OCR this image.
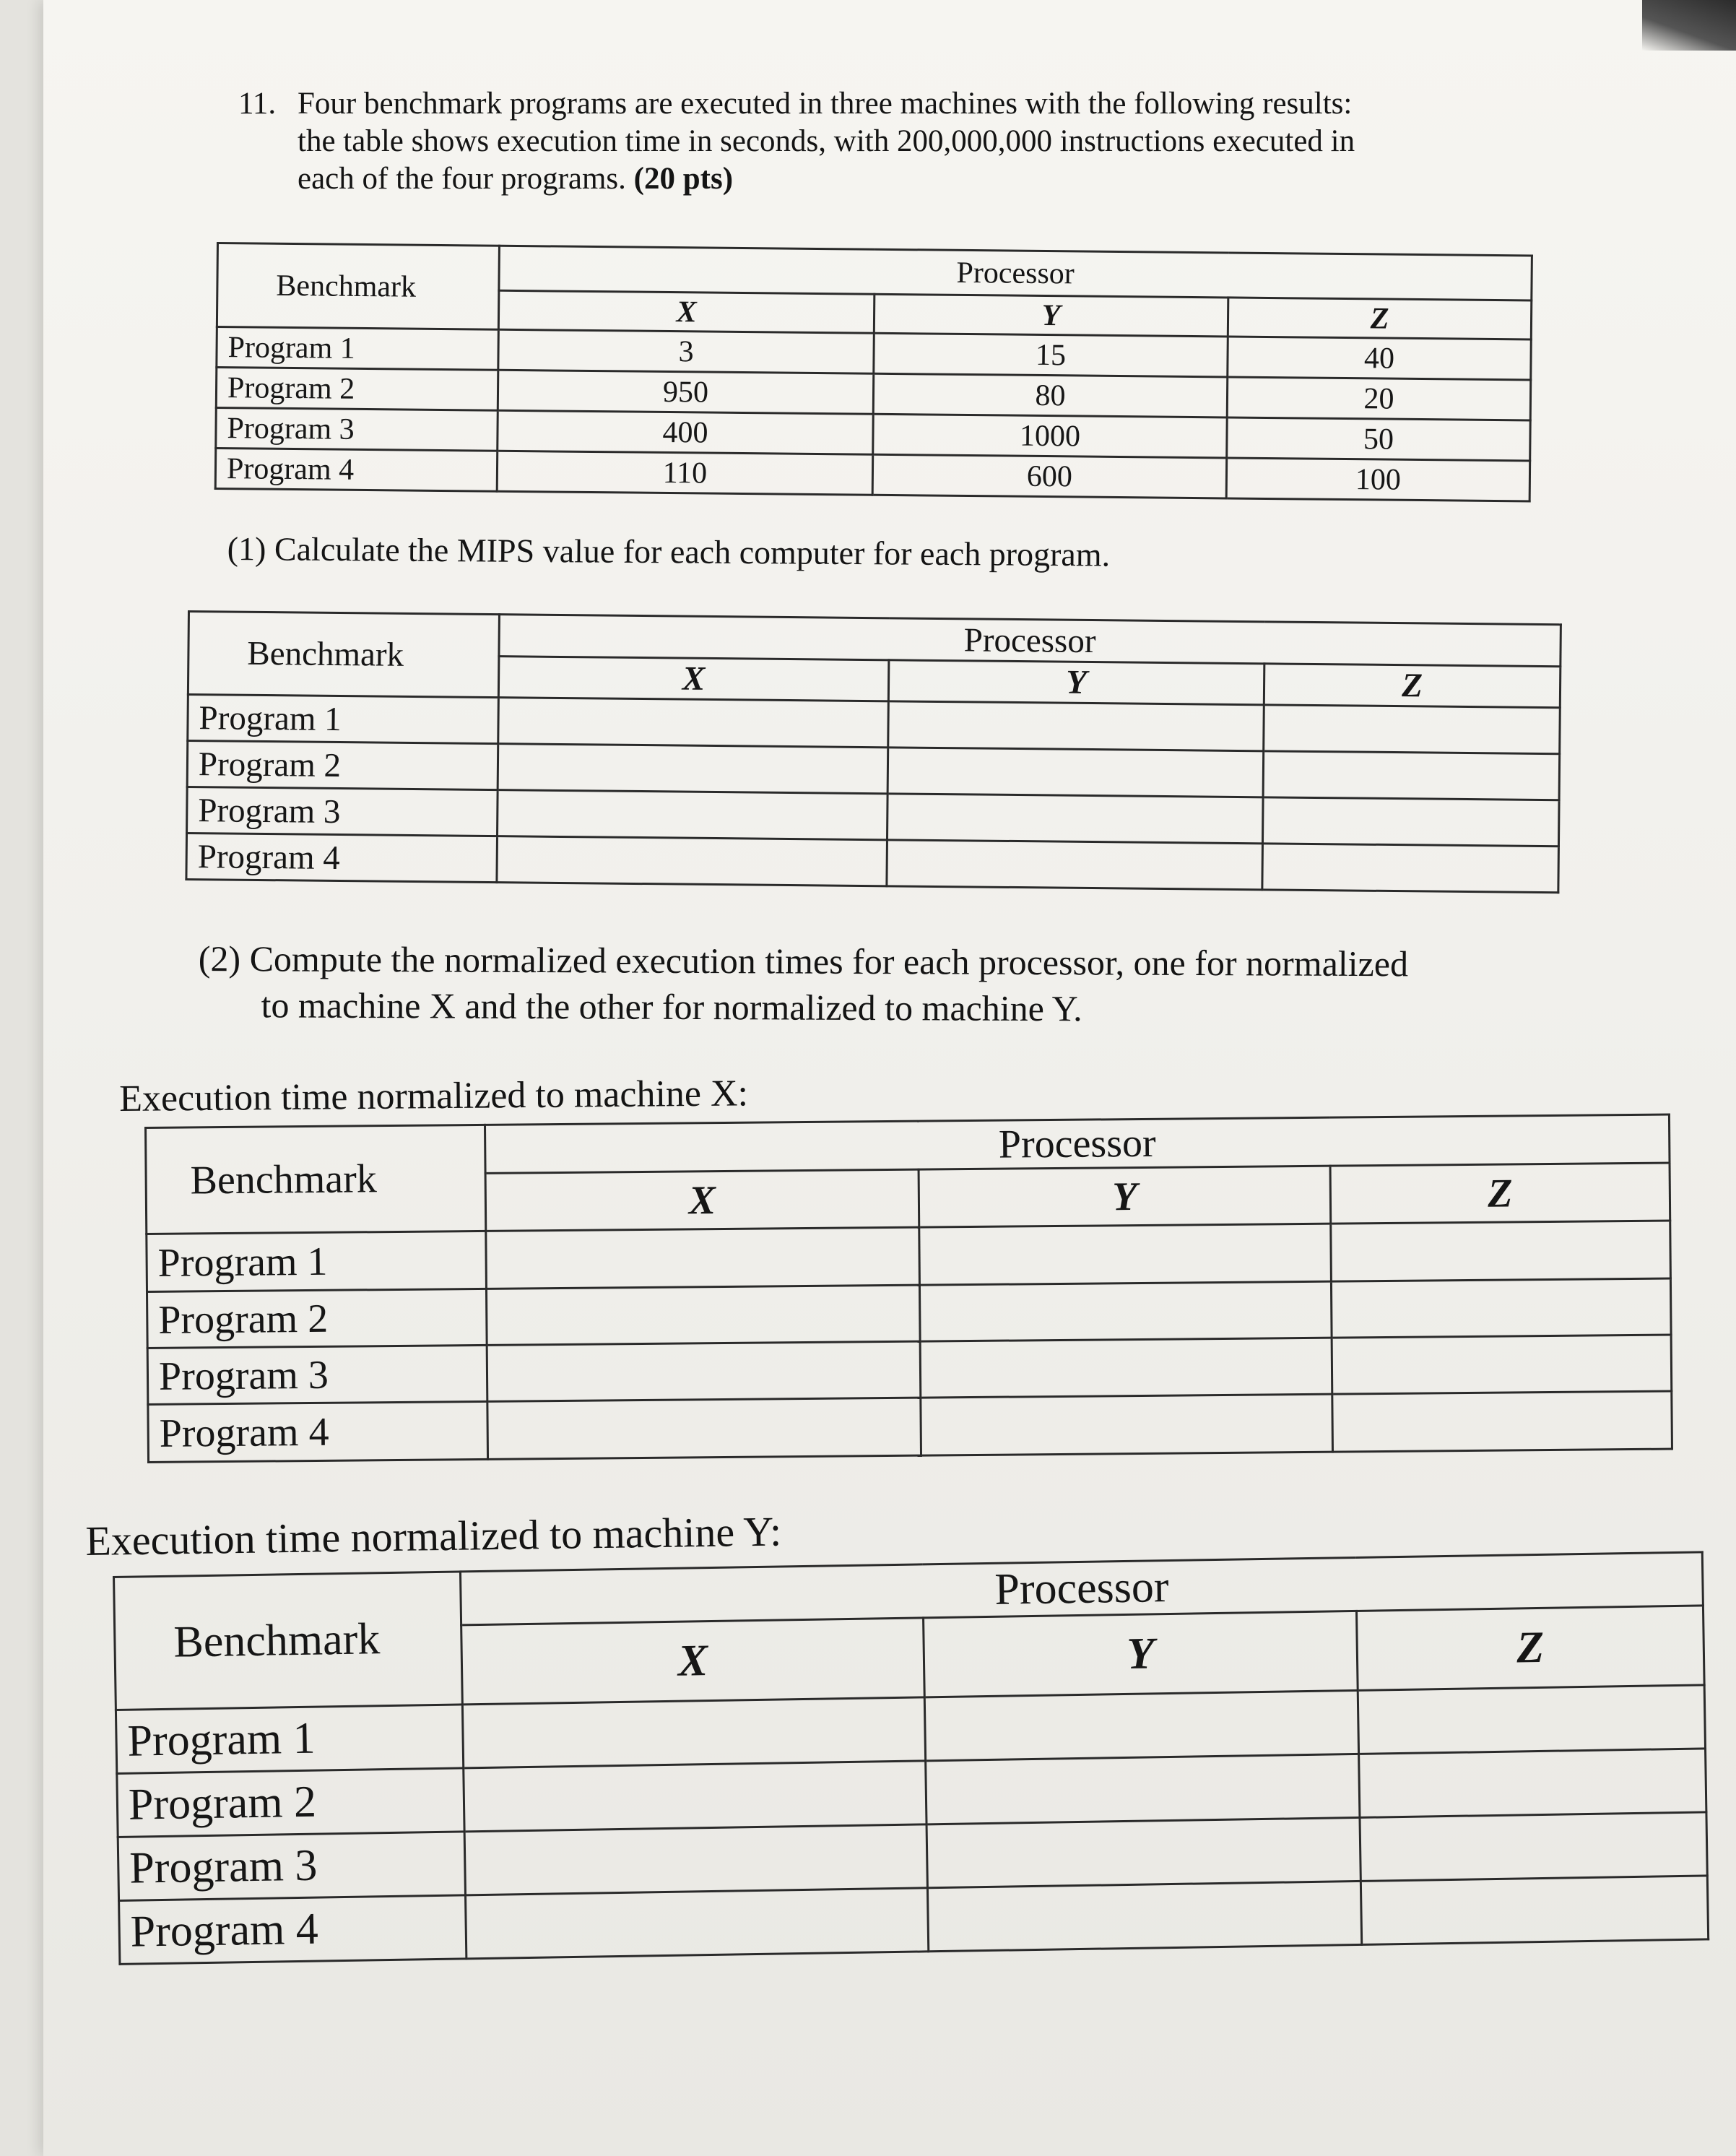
11. Four benchmark programs are executed in three machines with the following results:
the table shows execution time in seconds, with 200,000,000 instructions executed in
each of the four programs. (20 pts)
Benchmark	Processor		
	X	Y	Z
Program 1	3	15	40
Program 2	950	80	20
Program 3	400	1000	50
Program 4	110	600	100
(1) Calculate the MIPS value for each computer for each program.
Benchmark	Processor		
	X	Y	Z
Program 1			
Program 2			
Program 3			
Program 4			
(2) Compute the normalized execution times for each processor, one for normalized
to machine X and the other for normalized to machine Y.
Execution time normalized to machine X:
Benchmark	Processor		
	X	Y	Z
Program 1			
Program 2			
Program 3			
Program 4			
Execution time normalized to machine Y:
Benchmark	Processor		
	X	Y	Z
Program 1			
Program 2			
Program 3			
Program 4			
